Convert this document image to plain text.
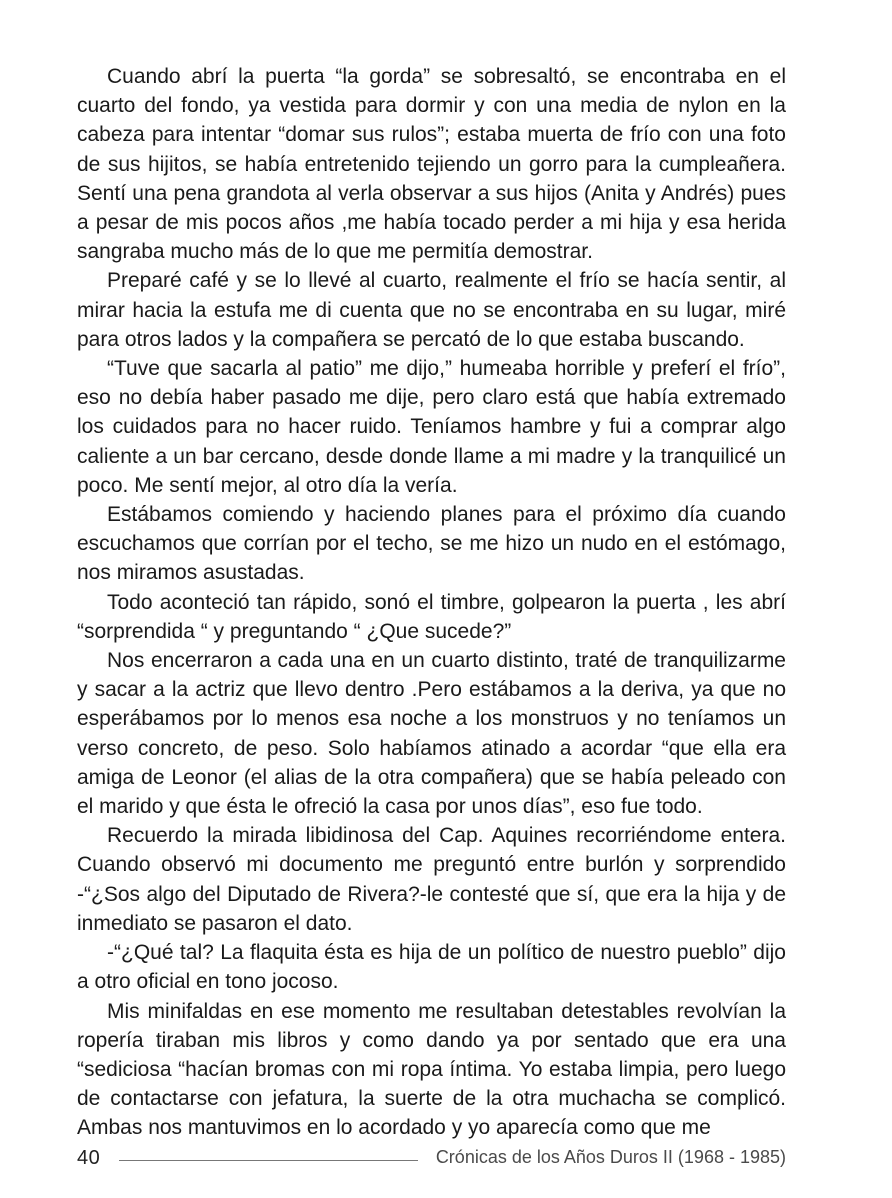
Cuando abrí la puerta “la gorda” se sobresaltó, se encontraba en el cuarto del fondo, ya vestida para dormir y con una media de nylon en la cabeza para intentar “domar sus rulos”; estaba muerta de frío con una foto de sus hijitos, se había entretenido tejiendo un gorro para la cumpleañera. Sentí una pena grandota al verla observar a sus hijos (Anita y Andrés) pues a pesar de mis pocos años ,me había tocado perder a mi hija y esa herida sangraba mucho más de lo que me permitía demostrar.

Preparé café y se lo llevé al cuarto, realmente el frío se hacía sentir, al mirar hacia la estufa me di cuenta que no se encontraba en su lugar, miré para otros lados y la compañera se percató de lo que estaba buscando.

“Tuve que sacarla al patio” me dijo,” humeaba horrible y preferí el frío”, eso no debía haber pasado me dije, pero claro está que había extremado los cuidados para no hacer ruido. Teníamos hambre y fui a comprar algo caliente a un bar cercano, desde donde llame a mi madre y la tranquilicé un poco. Me sentí mejor, al otro día la vería.

Estábamos comiendo y haciendo planes para el próximo día cuando escuchamos que corrían por el techo, se me hizo un nudo en el estómago, nos miramos asustadas.

Todo aconteció tan rápido, sonó el timbre, golpearon la puerta , les abrí “sorprendida “ y preguntando “ ¿Que sucede?”

Nos encerraron a cada una en un cuarto distinto, traté de tranquilizarme y sacar a la actriz que llevo dentro .Pero estábamos a la deriva, ya que no esperábamos por lo menos esa noche a los monstruos y no teníamos un verso concreto, de peso. Solo habíamos atinado a acordar “que ella era amiga de Leonor (el alias de la otra compañera) que se había peleado con el marido y que ésta le ofreció la casa por unos días”, eso fue todo.

Recuerdo la mirada libidinosa del Cap. Aquines recorriéndome entera. Cuando observó mi documento me preguntó entre burlón y sorprendido -“¿Sos algo del Diputado de Rivera?-le contesté que sí, que era la hija y de inmediato se pasaron el dato.

-“¿Qué tal? La flaquita ésta es hija de un político de nuestro pueblo” dijo a otro oficial en tono jocoso.

Mis minifaldas en ese momento me resultaban detestables revolvían la ropería tiraban mis libros y como dando ya por sentado que era una “sediciosa “hacían bromas con mi ropa íntima. Yo estaba limpia, pero luego de contactarse con jefatura, la suerte de la otra muchacha se complicó. Ambas nos mantuvimos en lo acordado y yo aparecía como que me

40	Crónicas de los Años Duros II (1968 - 1985)
